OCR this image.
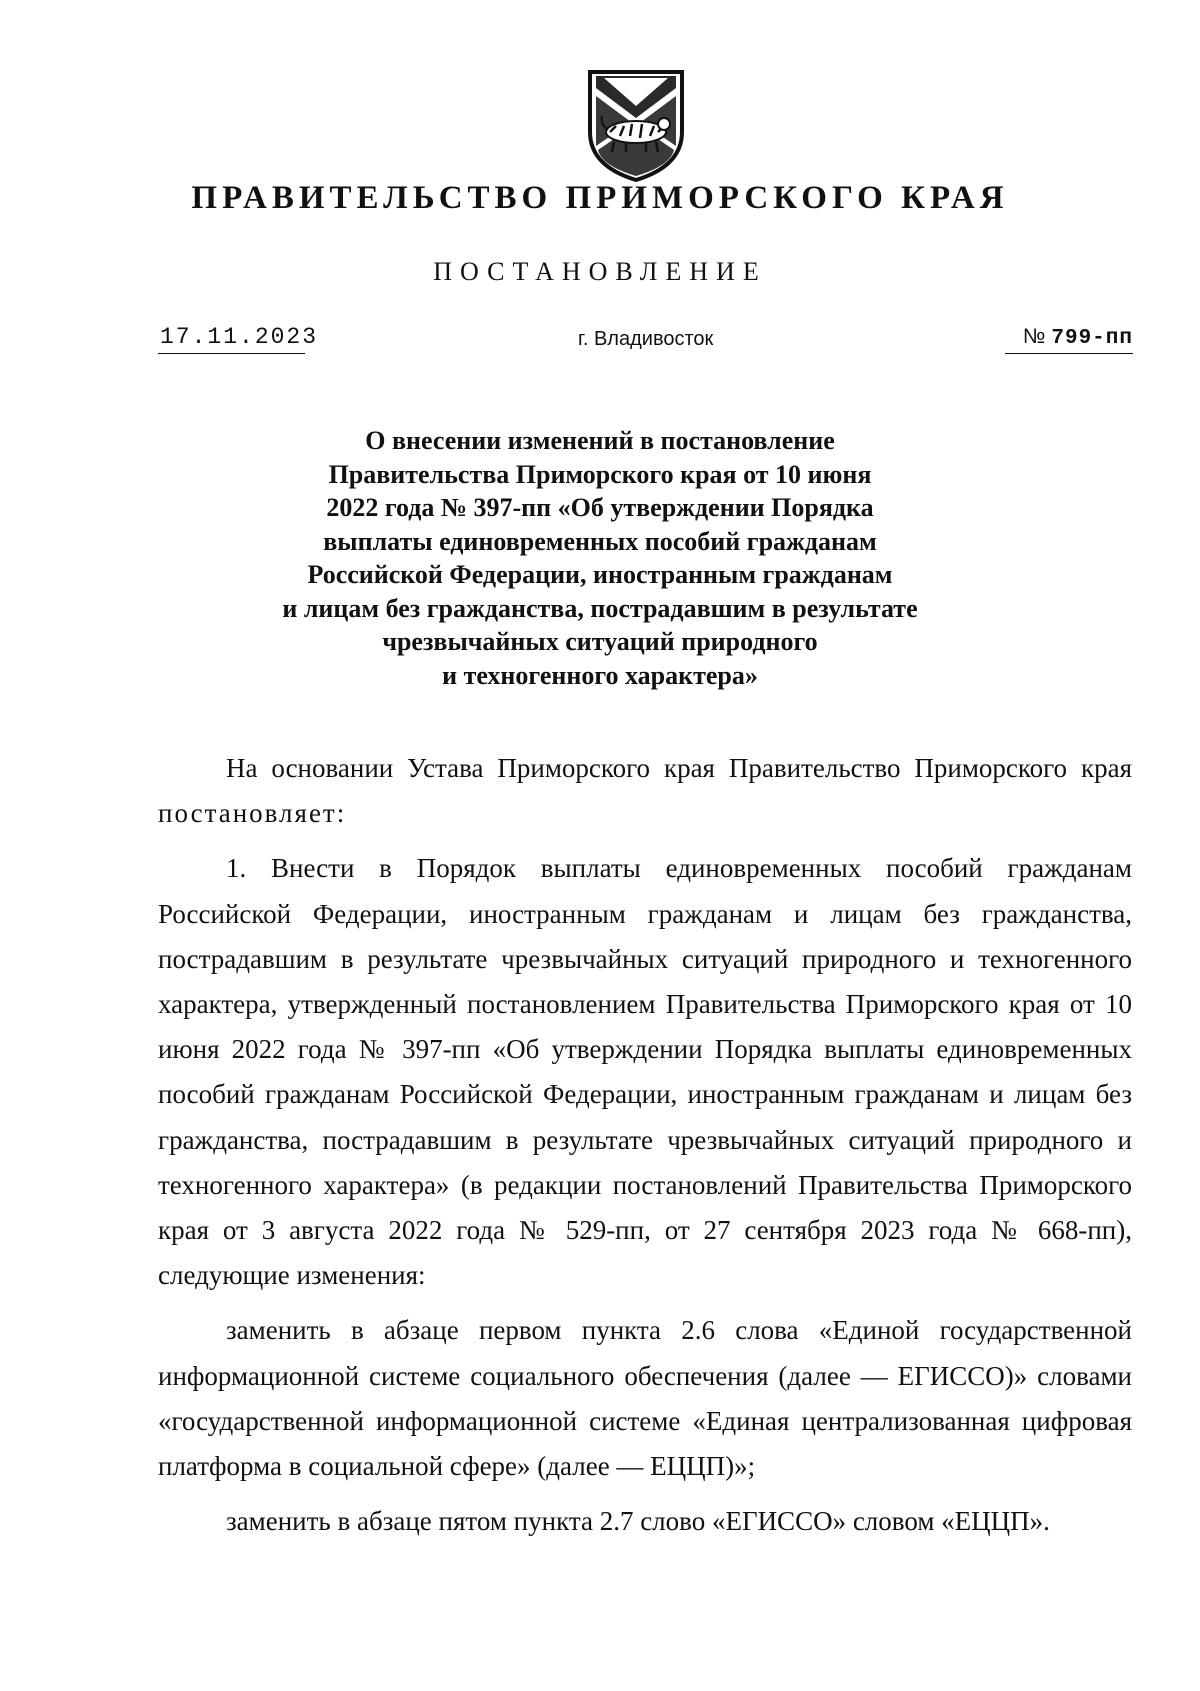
ПРАВИТЕЛЬСТВО ПРИМОРСКОГО КРАЯ
ПОСТАНОВЛЕНИЕ
17.11.2023	г. Владивосток	№ 799-пп
О внесении изменений в постановление
Правительства Приморского края от 10 июня
2022 года № 397-пп «Об утверждении Порядка
выплаты единовременных пособий гражданам
Российской Федерации, иностранным гражданам
и лицам без гражданства, пострадавшим в результате
чрезвычайных ситуаций природного
и техногенного характера»

На основании Устава Приморского края Правительство Приморского края постановляет:

1. Внести в Порядок выплаты единовременных пособий гражданам Российской Федерации, иностранным гражданам и лицам без гражданства, пострадавшим в результате чрезвычайных ситуаций природного и техногенного характера, утвержденный постановлением Правительства Приморского края от 10 июня 2022 года № 397-пп «Об утверждении Порядка выплаты единовременных пособий гражданам Российской Федерации, иностранным гражданам и лицам без гражданства, пострадавшим в результате чрезвычайных ситуаций природного и техногенного характера» (в редакции постановлений Правительства Приморского края от 3 августа 2022 года № 529-пп, от 27 сентября 2023 года № 668-пп), следующие изменения:

заменить в абзаце первом пункта 2.6 слова «Единой государственной информационной системе социального обеспечения (далее — ЕГИССО)» словами «государственной информационной системе «Единая централизованная цифровая платформа в социальной сфере» (далее — ЕЦЦП)»;

заменить в абзаце пятом пункта 2.7 слово «ЕГИССО» словом «ЕЦЦП».
